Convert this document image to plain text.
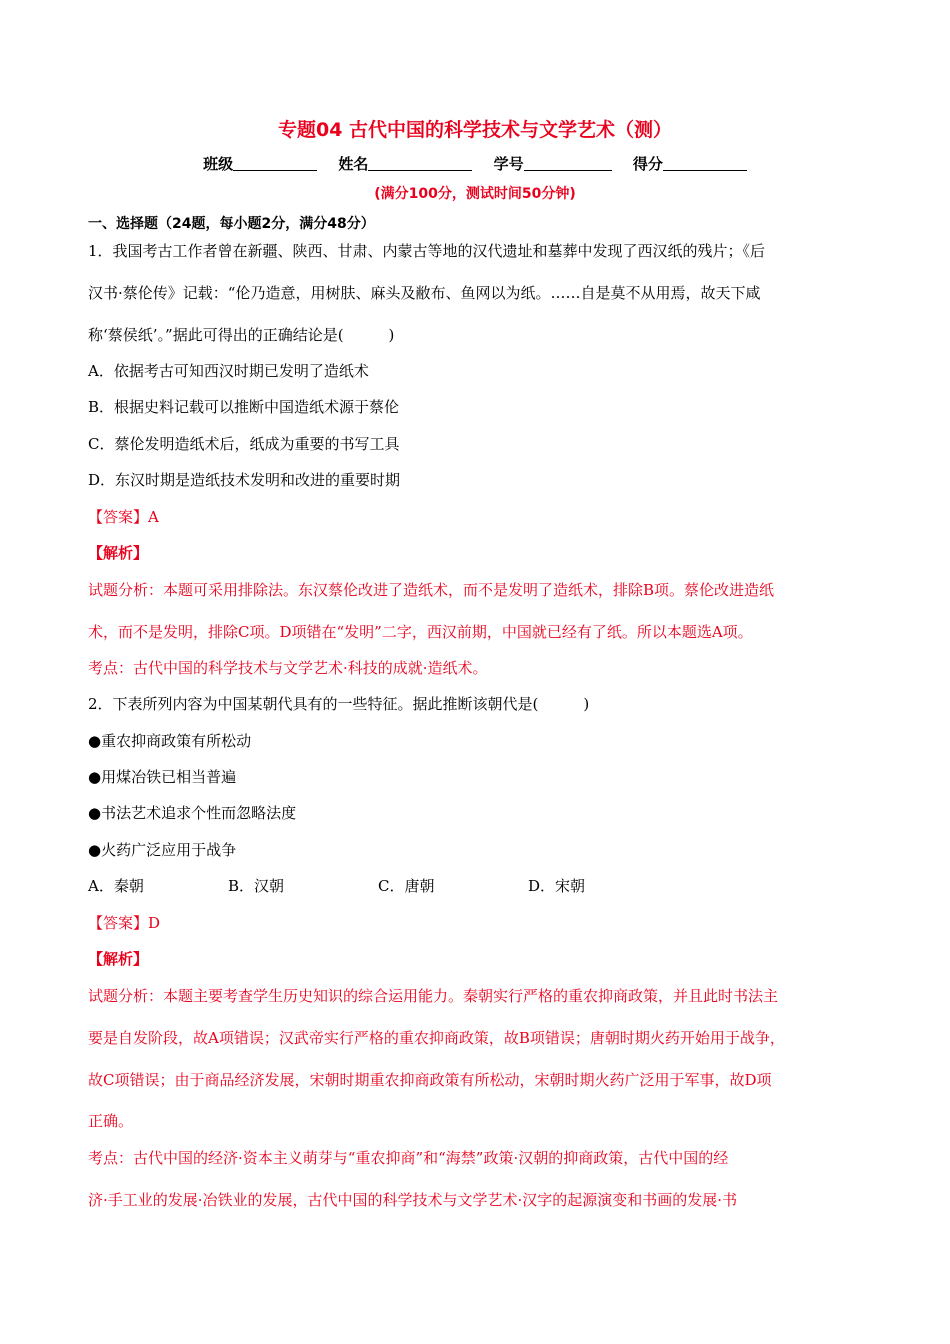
专题04 古代中国的科学技术与文学艺术（测）
班级	姓名	学号	得分
(满分100分，测试时间50分钟)
一、选择题（24题，每小题2分，满分48分）
1．我国考古工作者曾在新疆、陕西、甘肃、内蒙古等地的汉代遗址和墓葬中发现了西汉纸的残片；《后
汉书·蔡伦传》记载：“伦乃造意，用树肤、麻头及敝布、鱼网以为纸。……自是莫不从用焉，故天下咸
称‘蔡侯纸’。”据此可得出的正确结论是(　　　)
A．依据考古可知西汉时期已发明了造纸术
B．根据史料记载可以推断中国造纸术源于蔡伦
C．蔡伦发明造纸术后，纸成为重要的书写工具
D．东汉时期是造纸技术发明和改进的重要时期
【答案】A
【解析】
试题分析：本题可采用排除法。东汉蔡伦改进了造纸术，而不是发明了造纸术，排除B项。蔡伦改进造纸
术，而不是发明，排除C项。D项错在“发明”二字，西汉前期，中国就已经有了纸。所以本题选A项。
考点：古代中国的科学技术与文学艺术·科技的成就·造纸术。
2．下表所列内容为中国某朝代具有的一些特征。据此推断该朝代是(　　　)
●重农抑商政策有所松动
●用煤冶铁已相当普遍
●书法艺术追求个性而忽略法度
●火药广泛应用于战争
A．秦朝	B．汉朝	C．唐朝	D．宋朝
【答案】D
【解析】
试题分析：本题主要考查学生历史知识的综合运用能力。秦朝实行严格的重农抑商政策，并且此时书法主
要是自发阶段，故A项错误；汉武帝实行严格的重农抑商政策，故B项错误；唐朝时期火药开始用于战争，
故C项错误；由于商品经济发展，宋朝时期重农抑商政策有所松动，宋朝时期火药广泛用于军事，故D项
正确。
考点：古代中国的经济·资本主义萌芽与“重农抑商”和“海禁”政策·汉朝的抑商政策，古代中国的经
济·手工业的发展·冶铁业的发展，古代中国的科学技术与文学艺术·汉字的起源演变和书画的发展·书
